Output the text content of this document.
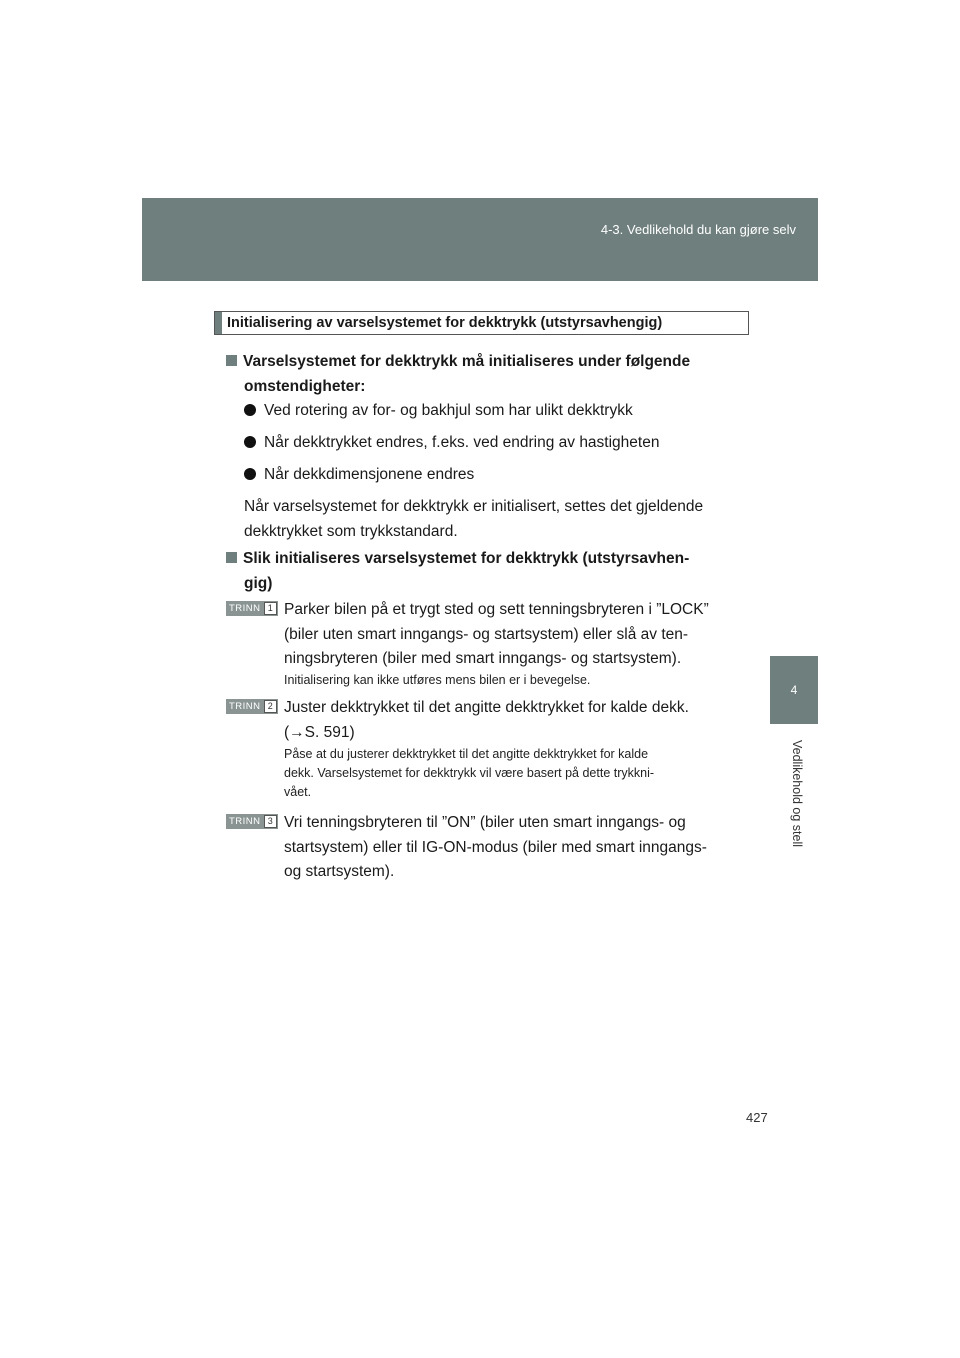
4-3. Vedlikehold du kan gjøre selv
4
Vedlikehold og stell
Initialisering av varselsystemet for dekktrykk (utstyrsavhengig)
Varselsystemet for dekktrykk må initialiseres under følgende
omstendigheter:
Ved rotering av for- og bakhjul som har ulikt dekktrykk
Når dekktrykket endres, f.eks. ved endring av hastigheten
Når dekkdimensjonene endres
Når varselsystemet for dekktrykk er initialisert, settes det gjeldende
dekktrykket som trykkstandard.
Slik initialiseres varselsystemet for dekktrykk (utstyrsavhen-
gig)
TRINN 1 Parker bilen på et trygt sted og sett tenningsbryteren i ”LOCK”
(biler uten smart inngangs- og startsystem) eller slå av ten-
ningsbryteren (biler med smart inngangs- og startsystem).
Initialisering kan ikke utføres mens bilen er i bevegelse.
TRINN 2 Juster dekktrykket til det angitte dekktrykket for kalde dekk.
(→S. 591)
Påse at du justerer dekktrykket til det angitte dekktrykket for kalde
dekk. Varselsystemet for dekktrykk vil være basert på dette trykkni-
vået.
TRINN 3 Vri tenningsbryteren til ”ON” (biler uten smart inngangs- og
startsystem) eller til IG-ON-modus (biler med smart inngangs-
og startsystem).
427
